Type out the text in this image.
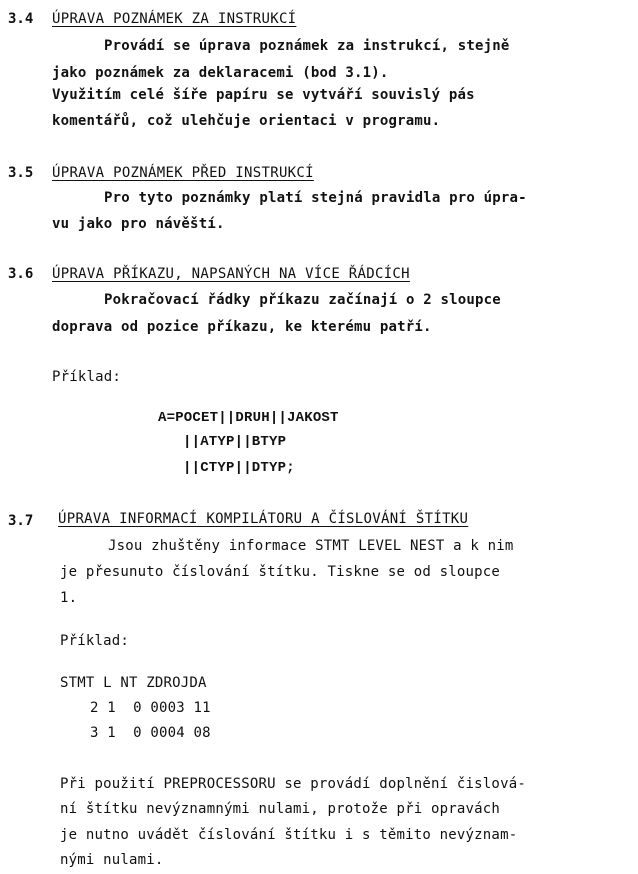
3.4 ÚPRAVA POZNÁMEK ZA INSTRUKCÍ
Provádí se úprava poznámek za instrukcí, stejně
jako poznámek za deklaracemi (bod 3.1).
Využitím celé šíře papíru se vytváří souvislý pás
komentářů, což ulehčuje orientaci v programu.
3.5 ÚPRAVA POZNÁMEK PŘED INSTRUKCÍ
Pro tyto poznámky platí stejná pravidla pro úpra-
vu jako pro návěští.
3.6 ÚPRAVA PŘÍKAZU, NAPSANÝCH NA VÍCE ŘÁDCÍCH
Pokračovací řádky příkazu začínají o 2 sloupce
doprava od pozice příkazu, ke kterému patří.
Příklad:
A=POCET||DRUH||JAKOST
||ATYP||BTYP
||CTYP||DTYP;
3.7 ÚPRAVA INFORMACÍ KOMPILÁTORU A ČÍSLOVÁNÍ ŠTÍTKU
Jsou zhuštěny informace STMT LEVEL NEST a k nim
je přesunuto číslování štítku. Tiskne se od sloupce
1.
Příklad:
STMT L NT ZDROJDA
2 1  0 0003 11
3 1  0 0004 08
Při použití PREPROCESSORU se provádí doplnění čislová-
ní štítku nevýznamnými nulami, protože při opravách
je nutno uvádět číslování štítku i s těmito nevýznam-
nými nulami.
